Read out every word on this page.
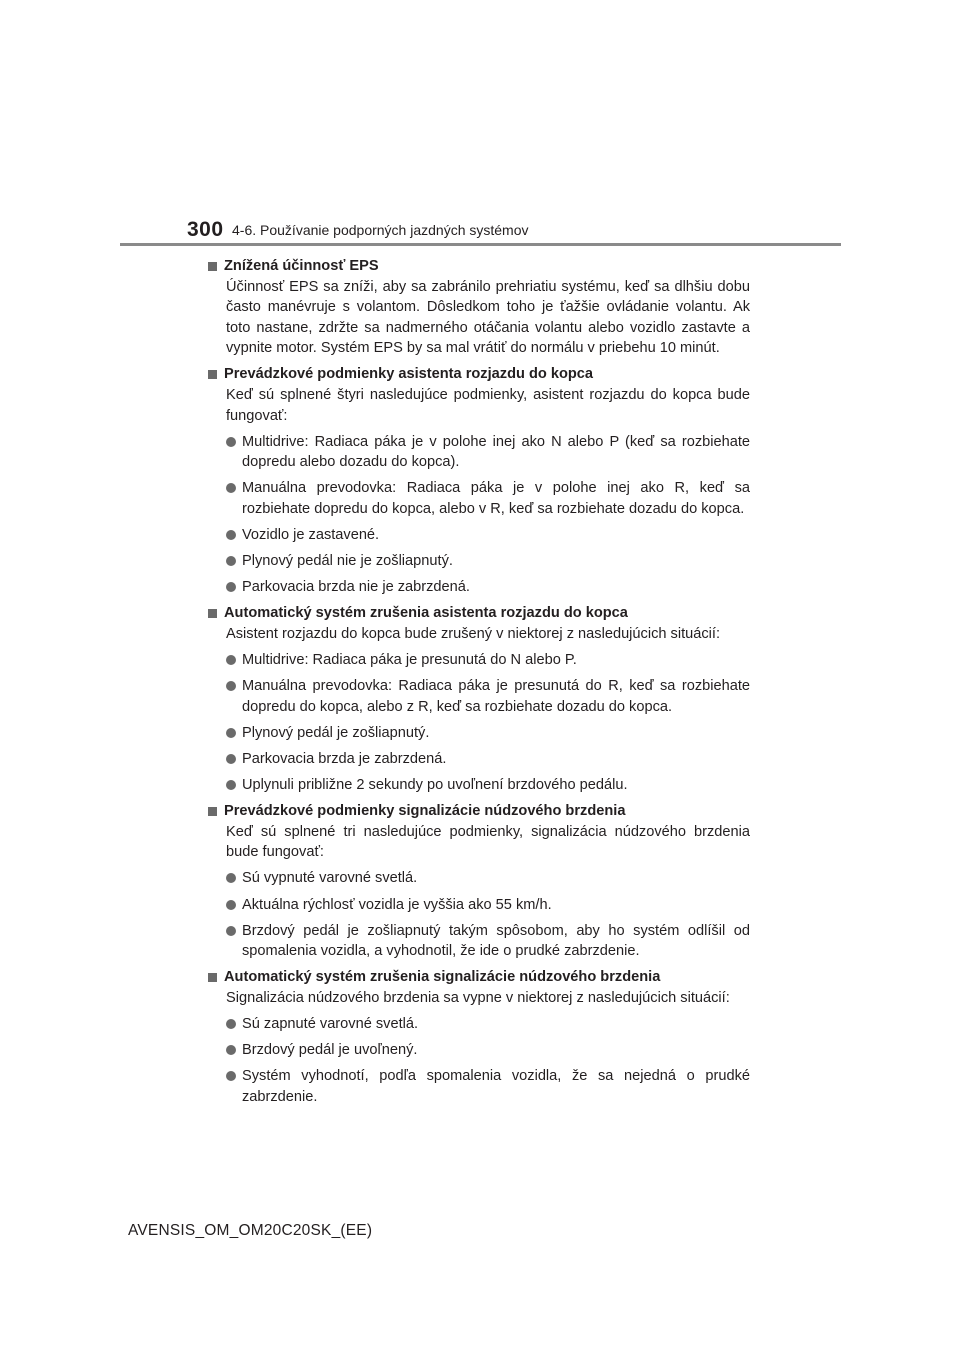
300 4-6. Používanie podporných jazdných systémov
Znížená účinnosť EPS
Účinnosť EPS sa zníži, aby sa zabránilo prehriatiu systému, keď sa dlhšiu dobu často manévruje s volantom. Dôsledkom toho je ťažšie ovládanie volantu. Ak toto nastane, zdržte sa nadmerného otáčania volantu alebo vozidlo zastavte a vypnite motor. Systém EPS by sa mal vrátiť do normálu v priebehu 10 minút.
Prevádzkové podmienky asistenta rozjazdu do kopca
Keď sú splnené štyri nasledujúce podmienky, asistent rozjazdu do kopca bude fungovať:
Multidrive: Radiaca páka je v polohe inej ako N alebo P (keď sa rozbiehate dopredu alebo dozadu do kopca).
Manuálna prevodovka: Radiaca páka je v polohe inej ako R, keď sa rozbiehate dopredu do kopca, alebo v R, keď sa rozbiehate dozadu do kopca.
Vozidlo je zastavené.
Plynový pedál nie je zošliapnutý.
Parkovacia brzda nie je zabrzdená.
Automatický systém zrušenia asistenta rozjazdu do kopca
Asistent rozjazdu do kopca bude zrušený v niektorej z nasledujúcich situácií:
Multidrive: Radiaca páka je presunutá do N alebo P.
Manuálna prevodovka: Radiaca páka je presunutá do R, keď sa rozbiehate dopredu do kopca, alebo z R, keď sa rozbiehate dozadu do kopca.
Plynový pedál je zošliapnutý.
Parkovacia brzda je zabrzdená.
Uplynuli približne 2 sekundy po uvoľnení brzdového pedálu.
Prevádzkové podmienky signalizácie núdzového brzdenia
Keď sú splnené tri nasledujúce podmienky, signalizácia núdzového brzdenia bude fungovať:
Sú vypnuté varovné svetlá.
Aktuálna rýchlosť vozidla je vyššia ako 55 km/h.
Brzdový pedál je zošliapnutý takým spôsobom, aby ho systém odlíšil od spomalenia vozidla, a vyhodnotil, že ide o prudké zabrzdenie.
Automatický systém zrušenia signalizácie núdzového brzdenia
Signalizácia núdzového brzdenia sa vypne v niektorej z nasledujúcich situácií:
Sú zapnuté varovné svetlá.
Brzdový pedál je uvoľnený.
Systém vyhodnotí, podľa spomalenia vozidla, že sa nejedná o prudké zabrzdenie.
AVENSIS_OM_OM20C20SK_(EE)
